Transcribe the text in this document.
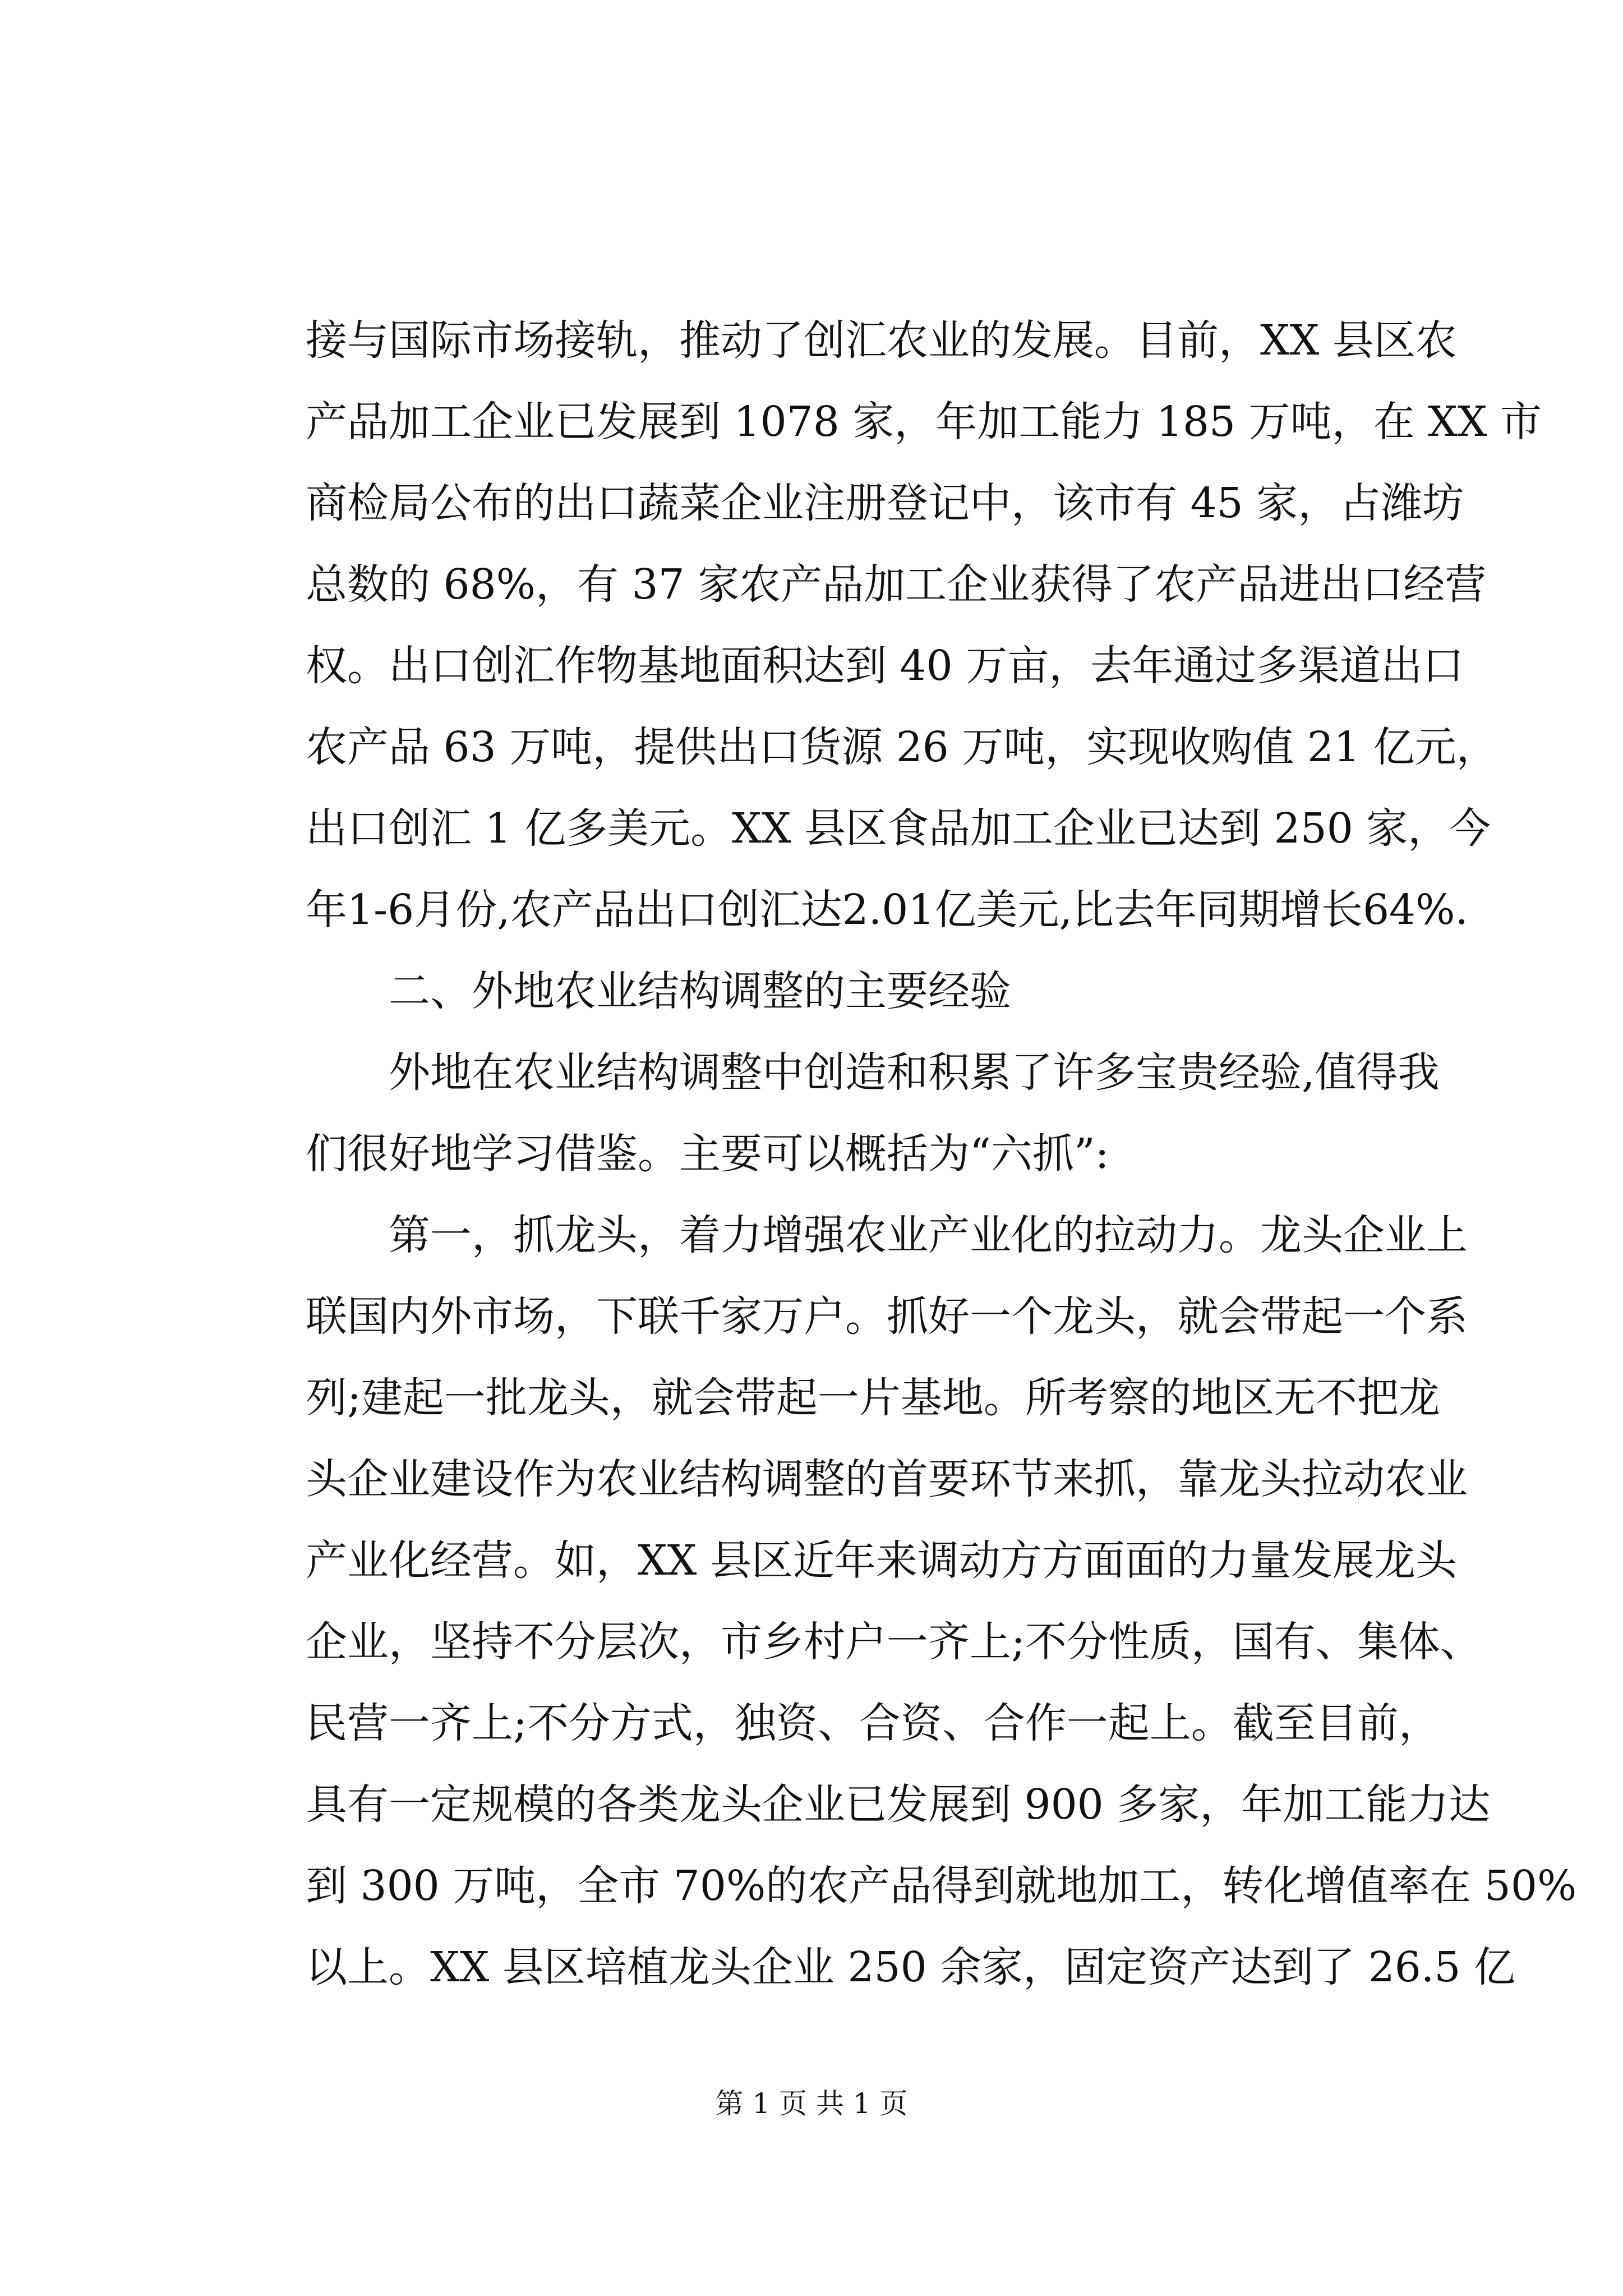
接与国际市场接轨，推动了创汇农业的发展。目前，XX 县区农
产品加工企业已发展到 1078 家，年加工能力 185 万吨，在 XX 市
商检局公布的出口蔬菜企业注册登记中，该市有 45 家，占潍坊
总数的 68%，有 37 家农产品加工企业获得了农产品进出口经营
权。出口创汇作物基地面积达到 40 万亩，去年通过多渠道出口
农产品 63 万吨，提供出口货源 26 万吨，实现收购值 21 亿元，
出口创汇 1 亿多美元。XX 县区食品加工企业已达到 250 家，今
年1-6月份,农产品出口创汇达2.01亿美元,比去年同期增长64%.
二、外地农业结构调整的主要经验
外地在农业结构调整中创造和积累了许多宝贵经验,值得我
们很好地学习借鉴。主要可以概括为“六抓”:
第一，抓龙头，着力增强农业产业化的拉动力。龙头企业上
联国内外市场，下联千家万户。抓好一个龙头，就会带起一个系
列;建起一批龙头，就会带起一片基地。所考察的地区无不把龙
头企业建设作为农业结构调整的首要环节来抓，靠龙头拉动农业
产业化经营。如，XX 县区近年来调动方方面面的力量发展龙头
企业，坚持不分层次，市乡村户一齐上;不分性质，国有、集体、
民营一齐上;不分方式，独资、合资、合作一起上。截至目前，
具有一定规模的各类龙头企业已发展到 900 多家，年加工能力达
到 300 万吨，全市 70%的农产品得到就地加工，转化增值率在 50%
以上。XX 县区培植龙头企业 250 余家，固定资产达到了 26.5 亿
第 1 页 共 1 页
